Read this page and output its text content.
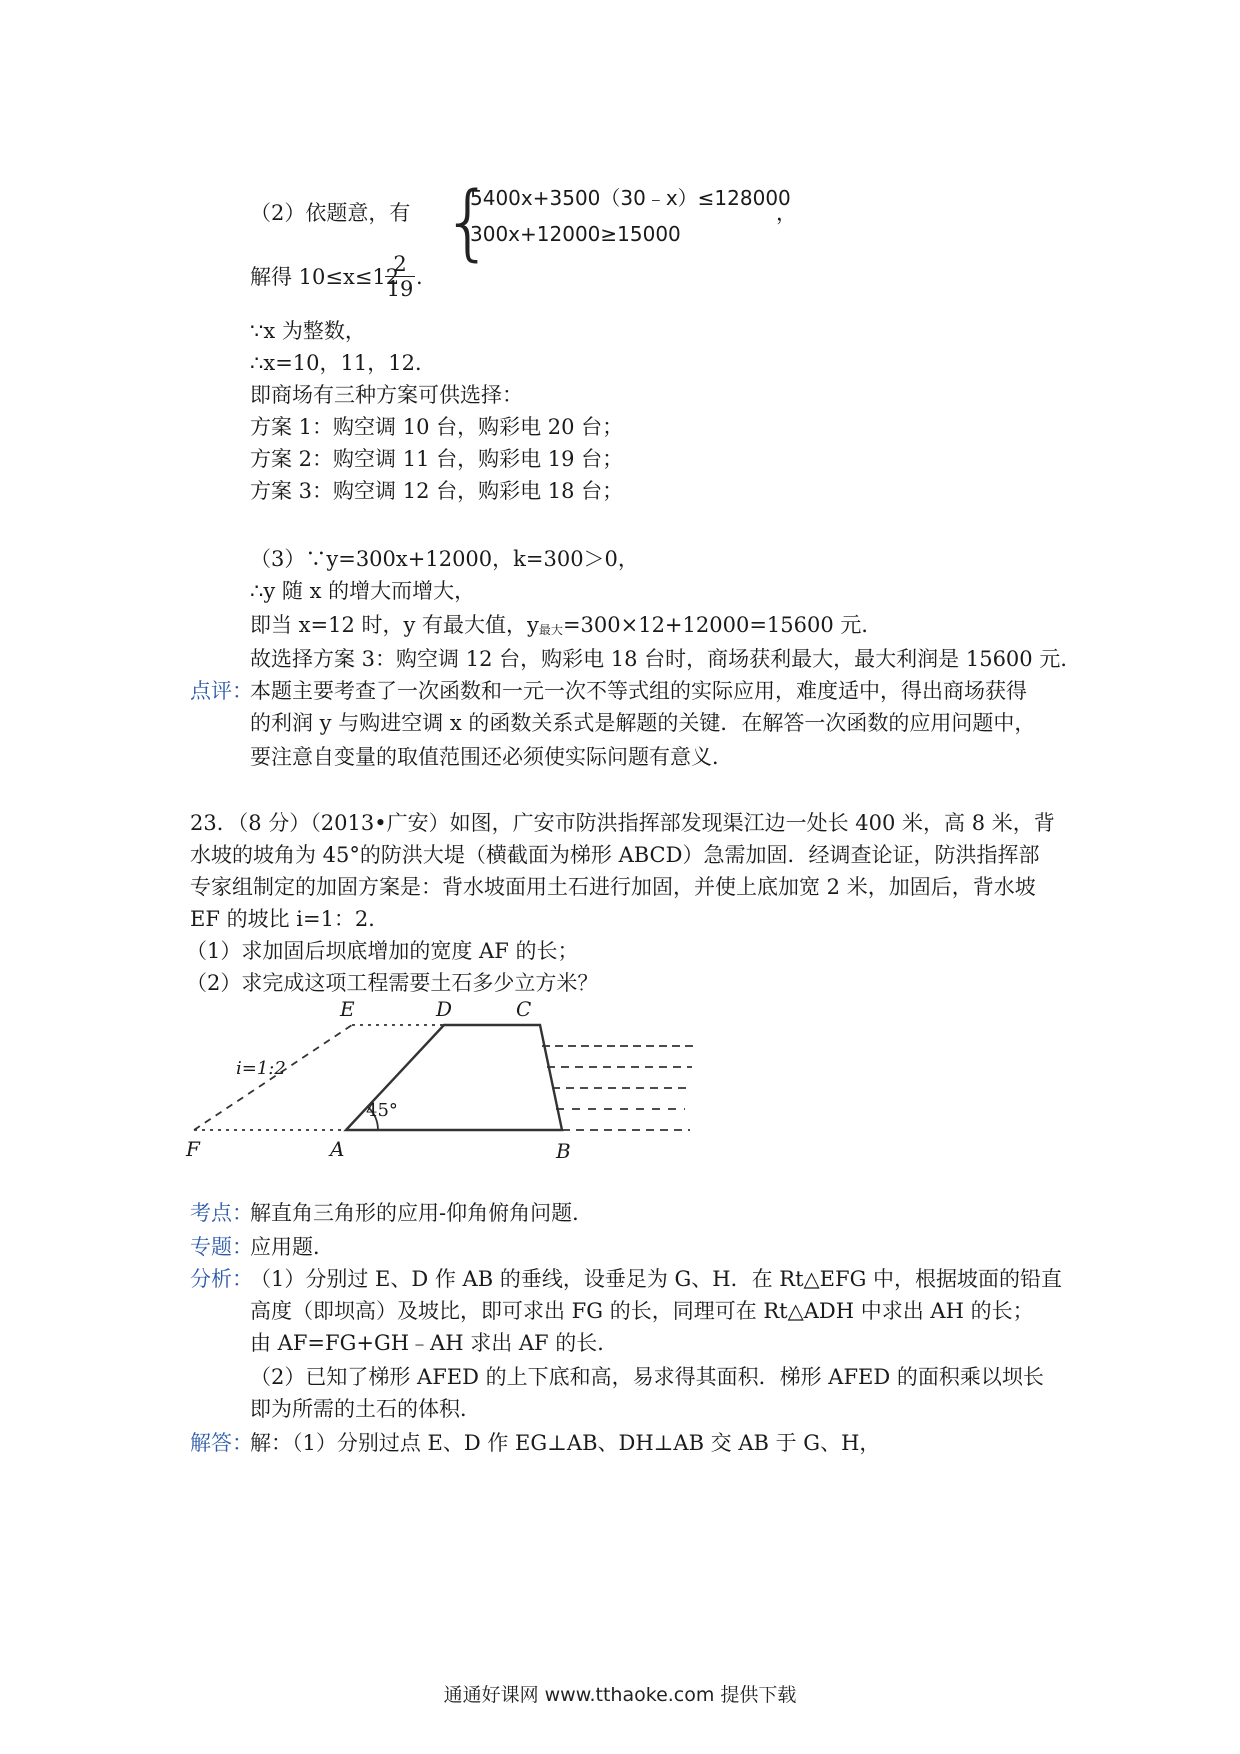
（2）依题意，有 {
5400x+3500（30﹣x）≤128000
300x+12000≥15000
，
解得 10≤x≤12
$\frac{2}{19}$ .
∵x 为整数，
∴x=10，11，12．
即商场有三种方案可供选择：
方案 1：购空调 10 台，购彩电 20 台；
方案 2：购空调 11 台，购彩电 19 台；
方案 3：购空调 12 台，购彩电 18 台；
（3）∵y=300x+12000，k=300＞0，
∴y 随 x 的增大而增大，
即当 x=12 时，y 有最大值，$y_{最大}=300\times 12+12000=15600$ 元．
故选择方案 3：购空调 12 台，购彩电 18 台时，商场获利最大，最大利润是 15600 元．
点评：
本题主要考查了一次函数和一元一次不等式组的实际应用，难度适中，得出商场获得
的利润 y 与购进空调 x 的函数关系式是解题的关键．在解答一次函数的应用问题中，
要注意自变量的取值范围还必须使实际问题有意义．
23．（8 分）（2013•广安）如图，广安市防洪指挥部发现渠江边一处长 400 米，高 8 米，背
水坡的坡角为 45°的防洪大堤（横截面为梯形 ABCD）急需加固．经调查论证，防洪指挥部
专家组制定的加固方案是：背水坡面用土石进行加固，并使上底加宽 2 米，加固后，背水坡
EF 的坡比 i=1：2．
（1）求加固后坝底增加的宽度 AF 的长；
（2）求完成这项工程需要土石多少立方米？
E	D	C
F	A	B
i=1:2
45°
考点：
解直角三角形的应用-仰角俯角问题．
专题：
应用题．
分析：
（1）分别过 E、D 作 AB 的垂线，设垂足为 G、H．在 Rt△EFG 中，根据坡面的铅直
高度（即坝高）及坡比，即可求出 FG 的长，同理可在 Rt△ADH 中求出 AH 的长；
由 AF=FG+GH﹣AH 求出 AF 的长．
（2）已知了梯形 AFED 的上下底和高，易求得其面积．梯形 AFED 的面积乘以坝长
即为所需的土石的体积．
解答：
解：（1）分别过点 E、D 作 EG⊥AB、DH⊥AB 交 AB 于 G、H，
通通好课网 www.tthaoke.com 提供下载
